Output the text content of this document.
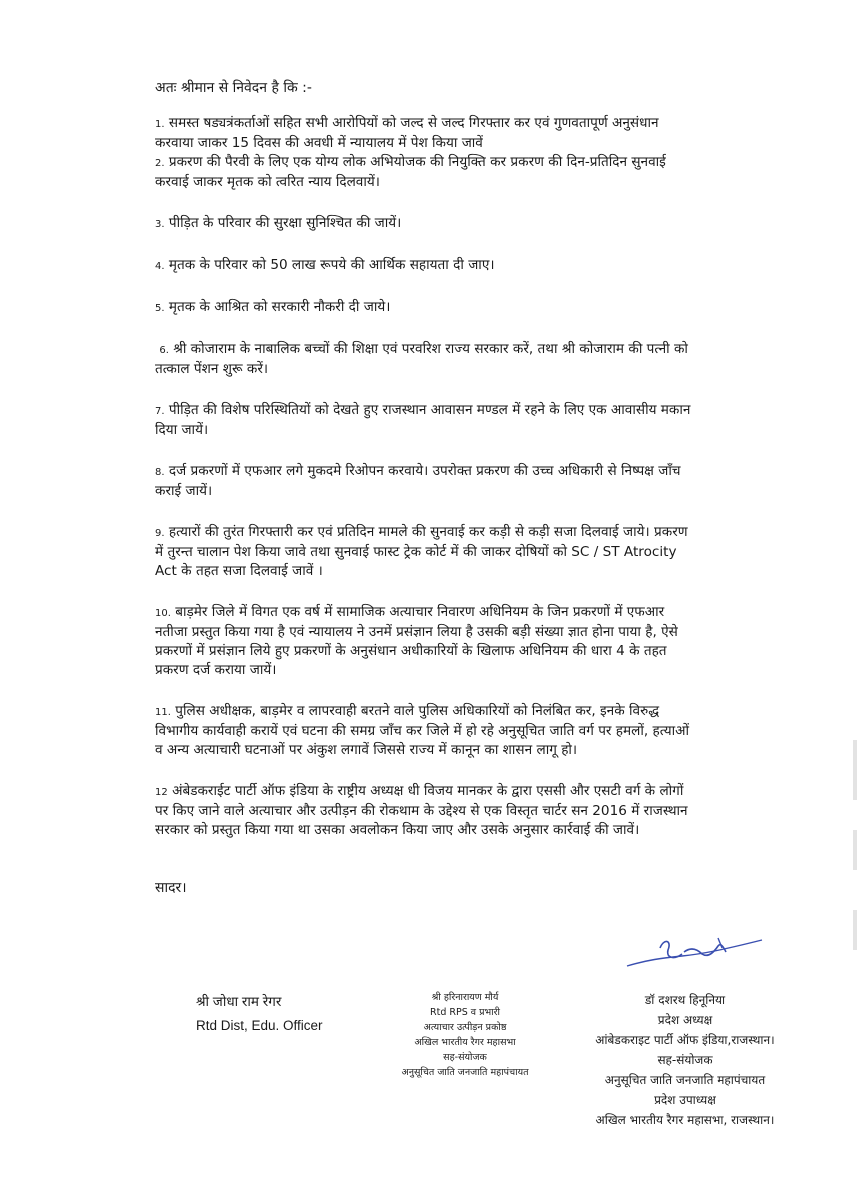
अतः श्रीमान से निवेदन है कि :-

1. समस्त षड्यत्रंकर्ताओं सहित सभी आरोपियों को जल्द से जल्द गिरफ्तार कर एवं गुणवतापूर्ण अनुसंधान करवाया जाकर 15 दिवस की अवधी में न्यायालय में पेश किया जावें

2. प्रकरण की पैरवी के लिए एक योग्य लोक अभियोजक की नियुक्ति कर प्रकरण की दिन-प्रतिदिन सुनवाई करवाई जाकर मृतक को त्वरित न्याय दिलवायें।

3. पीड़ित के परिवार की सुरक्षा सुनिश्चित की जायें।

4. मृतक के परिवार को 50 लाख रूपये की आर्थिक सहायता दी जाए।

5. मृतक के आश्रित को सरकारी नौकरी दी जाये।

6. श्री कोजाराम के नाबालिक बच्चों की शिक्षा एवं परवरिश राज्य सरकार करें, तथा श्री कोजाराम की पत्नी को तत्काल पेंशन शुरू करें।

7. पीड़ित की विशेष परिस्थितियों को देखते हुए राजस्थान आवासन मण्डल में रहने के लिए एक आवासीय मकान दिया जायें।

8. दर्ज प्रकरणों में एफआर लगे मुकदमे रिओपन करवाये। उपरोक्त प्रकरण की उच्च अधिकारी से निष्पक्ष जाँच कराई जायें।

9. हत्यारों की तुरंत गिरफ्तारी कर एवं प्रतिदिन मामले की सुनवाई कर कड़ी से कड़ी सजा दिलवाई जाये। प्रकरण में तुरन्त चालान पेश किया जावे तथा सुनवाई फास्ट ट्रेक कोर्ट में की जाकर दोषियों को SC / ST Atrocity Act के तहत सजा दिलवाई जावें ।

10. बाड़मेर जिले में विगत एक वर्ष में सामाजिक अत्याचार निवारण अधिनियम के जिन प्रकरणों में एफआर नतीजा प्रस्तुत किया गया है एवं न्यायालय ने उनमें प्रसंज्ञान लिया है उसकी बड़ी संख्या ज्ञात होना पाया है, ऐसे प्रकरणों में प्रसंज्ञान लिये हुए प्रकरणों के अनुसंधान अधीकारियों के खिलाफ अधिनियम की धारा 4 के तहत प्रकरण दर्ज कराया जायें।

11. पुलिस अधीक्षक, बाड़मेर व लापरवाही बरतने वाले पुलिस अधिकारियों को निलंबित कर, इनके विरुद्ध विभागीय कार्यवाही करायें एवं घटना की समग्र जाँच कर जिले में हो रहे अनुसूचित जाति वर्ग पर हमलों, हत्याओं व अन्य अत्याचारी घटनाओं पर अंकुश लगावें जिससे राज्य में कानून का शासन लागू हो।

12 अंबेडकराईट पार्टी ऑफ इंडिया के राष्ट्रीय अध्यक्ष धी विजय मानकर के द्वारा एससी और एसटी वर्ग के लोगों पर किए जाने वाले अत्याचार और उत्पीड़न की रोकथाम के उद्देश्य से एक विस्तृत चार्टर सन 2016 में राजस्थान सरकार को प्रस्तुत किया गया था उसका अवलोकन किया जाए और उसके अनुसार कार्रवाई की जावें।

सादर।
श्री जोधा राम रेगर
Rtd Dist, Edu. Officer
श्री हरिनारायण मौर्य
Rtd RPS व प्रभारी
अत्याचार उत्पीड़न प्रकोष्ठ
अखिल भारतीय रैगर महासभा
सह-संयोजक
अनुसूचित जाति जनजाति महापंचायत
डॉ दशरथ हिनूनिया
प्रदेश अध्यक्ष
आंबेडकराइट पार्टी ऑफ इंडिया,राजस्थान।
सह-संयोजक
अनुसूचित जाति जनजाति महापंचायत
प्रदेश उपाध्यक्ष
अखिल भारतीय रैगर महासभा, राजस्थान।
